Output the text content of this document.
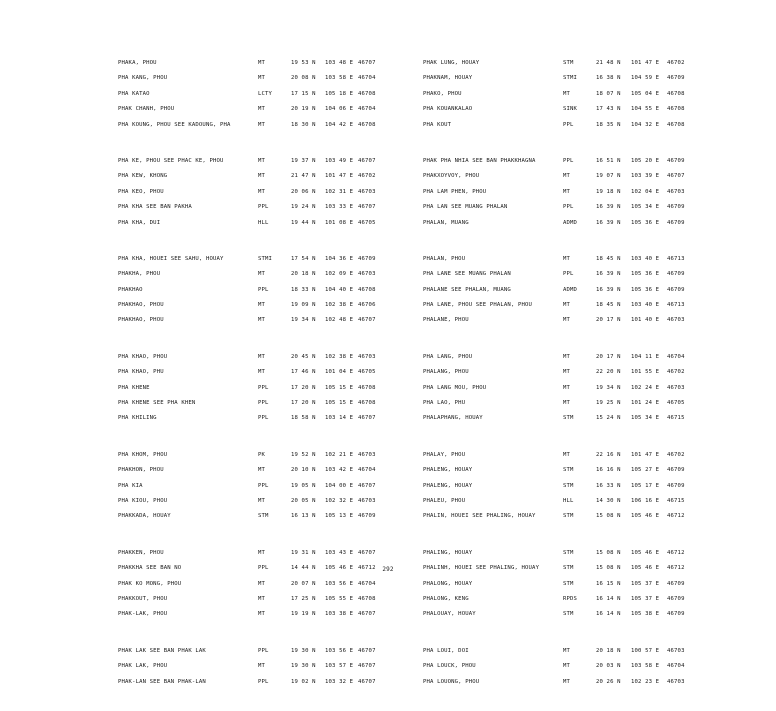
PHAKA, PHOU	MT	19 53 N 103 48 E 46707
PHA KANG, PHOU	MT	20 08 N 103 58 E 46704
PHA KATAO	LCTY	17 15 N 105 18 E 46708
PHAK CHANH, PHOU	MT	20 19 N 104 06 E 46704
PHA KOUNG, PHOU SEE KADOUNG, PHA	MT	18 30 N 104 42 E 46708
PHA KE, PHOU SEE PHAC KE, PHOU	MT	19 37 N 103 49 E 46707
PHA KEW, KHONG	MT	21 47 N 101 47 E 46702
PHA KEO, PHOU	MT	20 06 N 102 31 E 46703
PHA KHA SEE BAN PAKHA	PPL	19 24 N 103 33 E 46707
PHA KHA, DUI	HLL	19 44 N 101 08 E 46705
PHA KHA, HOUEI SEE SAHU, HOUAY	STMI	17 54 N 104 36 E 46709
PHAKHA, PHOU	MT	20 18 N 102 09 E 46703
PHAKHAO	PPL	18 33 N 104 40 E 46708
PHAKHAO, PHOU	MT	19 09 N 102 38 E 46706
PHAKHAO, PHOU	MT	19 34 N 102 48 E 46707
PHA KHAO, PHOU	MT	20 45 N 102 38 E 46703
PHA KHAO, PHU	MT	17 46 N 101 04 E 46705
PHA KHENE	PPL	17 20 N 105 15 E 46708
PHA KHENE SEE PHA KHEN	PPL	17 20 N 105 15 E 46708
PHA KHILING	PPL	18 58 N 103 14 E 46707
PHA KHOM, PHOU	PK	19 52 N 102 21 E 46703
PHAKHON, PHOU	MT	20 10 N 103 42 E 46704
PHA KIA	PPL	19 05 N 104 00 E 46707
PHA KIOU, PHOU	MT	20 05 N 102 32 E 46703
PHAKKADA, HOUAY	STM	16 13 N 105 13 E 46709
PHAKKEN, PHOU	MT	19 31 N 103 43 E 46707
PHAKKHA SEE BAN NO	PPL	14 44 N 105 46 E 46712
PHAK KO MONG, PHOU	MT	20 07 N 103 56 E 46704
PHAKKOUT, PHOU	MT	17 25 N 105 55 E 46708
PHAK-LAK, PHOU	MT	19 19 N 103 38 E 46707
PHAK LAK SEE BAN PHAK LAK	PPL	19 30 N 103 56 E 46707
PHAK LAK, PHOU	MT	19 30 N 103 57 E 46707
PHAK-LAN SEE BAN PHAK-LAN	PPL	19 02 N 103 32 E 46707
PHAK LUNG, HOUAY	STM	21 48 N 101 47 E 46702
PHAKNAM, HOUAY	STMI	16 38 N 104 59 E 46709
PHAKO, PHOU	MT	18 07 N 105 04 E 46708
PHA KOUANKALAO	SINK	17 43 N 104 55 E 46708
PHA KOUT	PPL	18 35 N 104 32 E 46708
PHAK PHA NHIA SEE BAN PHAKKHAGNA	PPL	16 51 N 105 20 E 46709
PHAKXOYVOY, PHOU	MT	19 07 N 103 39 E 46707
PHA LAM PHEN, PHOU	MT	19 18 N 102 04 E 46703
PHA LAN SEE MUANG PHALAN	PPL	16 39 N 105 34 E 46709
PHALAN, MUANG	ADMD	16 39 N 105 36 E 46709
PHALAN, PHOU	MT	18 45 N 103 40 E 46713
PHA LANE SEE MUANG PHALAN	PPL	16 39 N 105 36 E 46709
PHALANE SEE PHALAN, MUANG	ADMD	16 39 N 105 36 E 46709
PHA LANE, PHOU SEE PHALAN, PHOU	MT	18 45 N 103 40 E 46713
PHALANE, PHOU	MT	20 17 N 101 40 E 46703
PHA LANG, PHOU	MT	20 17 N 104 11 E 46704
PHALANG, PHOU	MT	22 20 N 101 55 E 46702
PHA LANG MOU, PHOU	MT	19 34 N 102 24 E 46703
PHA LAO, PHU	MT	19 25 N 101 24 E 46705
PHALAPHANG, HOUAY	STM	15 24 N 105 34 E 46715
PHALAY, PHOU	MT	22 16 N 101 47 E 46702
PHALENG, HOUAY	STM	16 16 N 105 27 E 46709
PHALENG, HOUAY	STM	16 33 N 105 17 E 46709
PHALEU, PHOU	HLL	14 30 N 106 16 E 46715
PHALIN, HOUEI SEE PHALING, HOUAY	STM	15 08 N 105 46 E 46712
PHALING, HOUAY	STM	15 08 N 105 46 E 46712
PHALINH, HOUEI SEE PHALING, HOUAY	STM	15 08 N 105 46 E 46712
PHALONG, HOUAY	STM	16 15 N 105 37 E 46709
PHALONG, KENG	RPDS	16 14 N 105 37 E 46709
PHALOUAY, HOUAY	STM	16 14 N 105 38 E 46709
PHA LOUI, DOI	MT	20 18 N 100 57 E 46703
PHA LOUCK, PHOU	MT	20 03 N 103 58 E 46704
PHA LOUONG, PHOU	MT	20 26 N 102 23 E 46703
292
